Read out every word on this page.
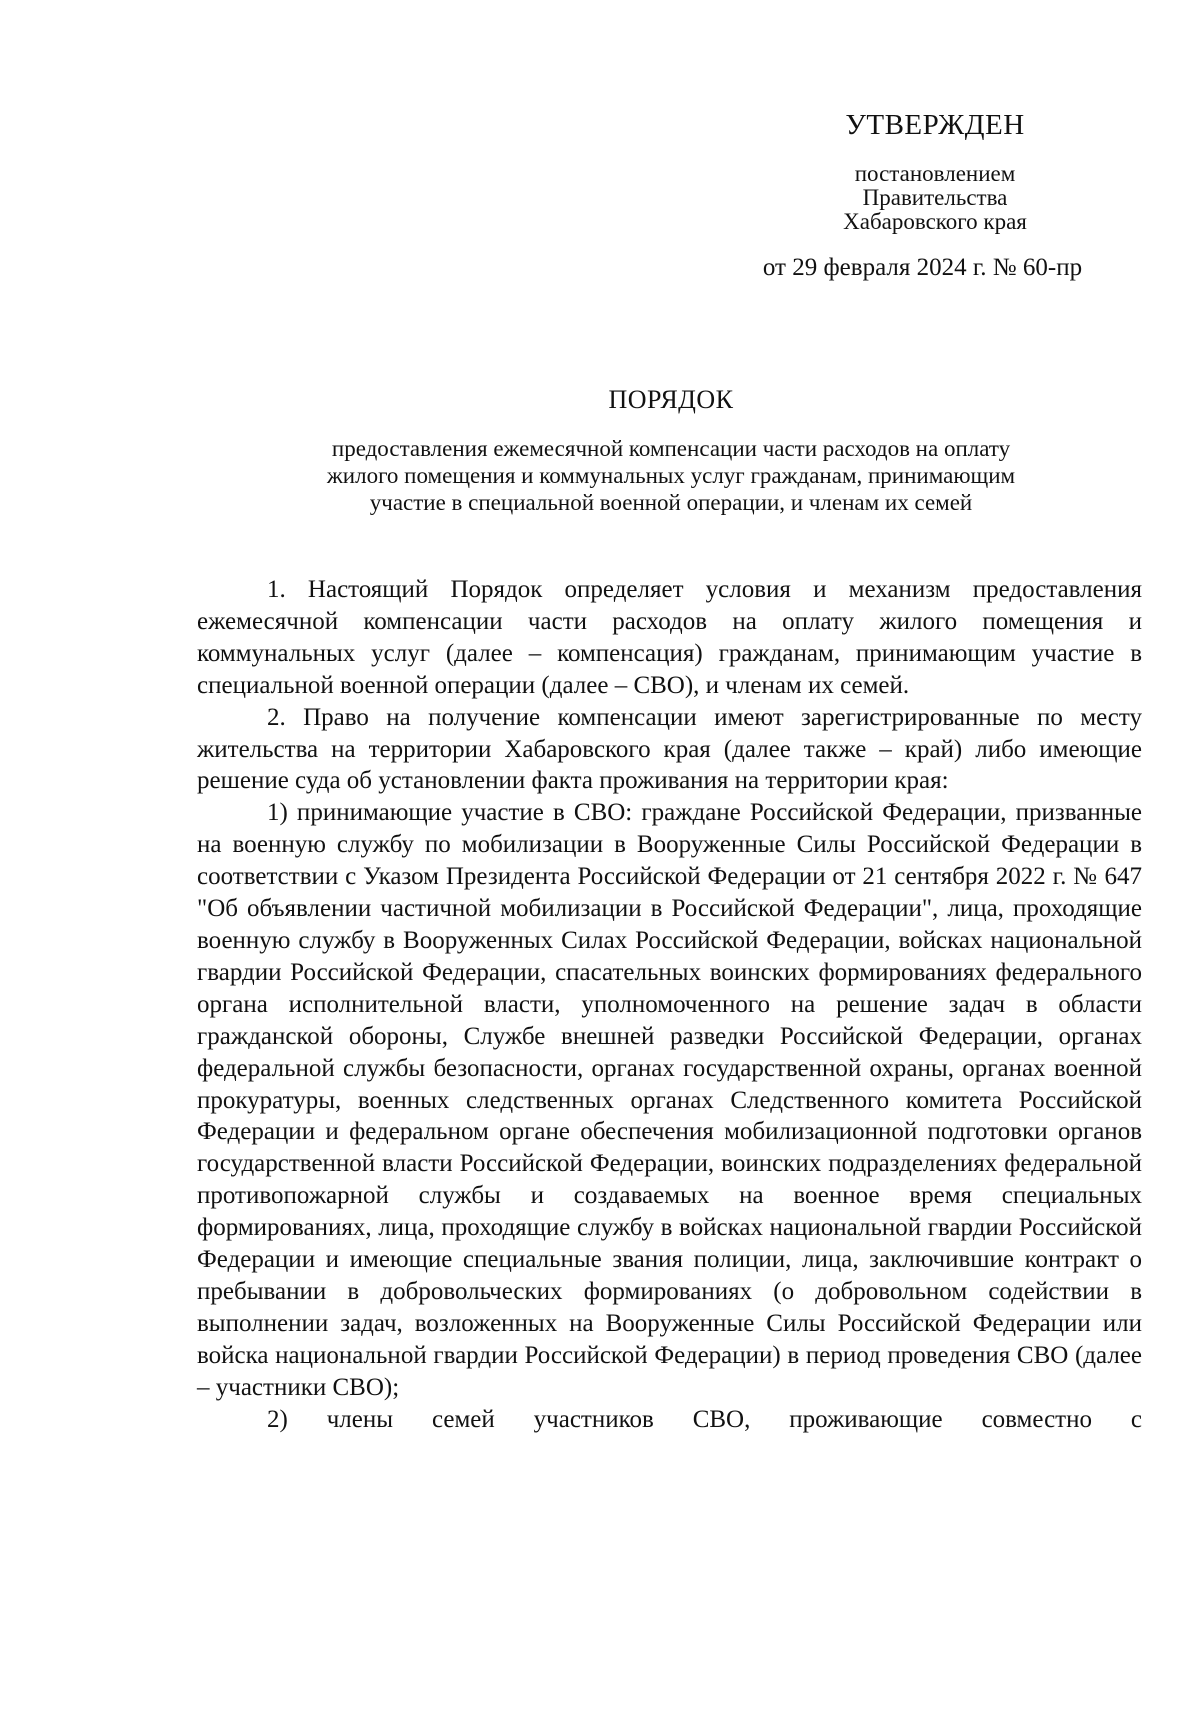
УТВЕРЖДЕН
постановлением
Правительства
Хабаровского края
от 29 февраля 2024 г. № 60-пр
ПОРЯДОК
предоставления ежемесячной компенсации части расходов на оплату
жилого помещения и коммунальных услуг гражданам, принимающим
участие в специальной военной операции, и членам их семей

1. Настоящий Порядок определяет условия и механизм предоставления ежемесячной компенсации части расходов на оплату жилого помещения и коммунальных услуг (далее – компенсация) гражданам, принимающим участие в специальной военной операции (далее – СВО), и членам их семей.

2. Право на получение компенсации имеют зарегистрированные по месту жительства на территории Хабаровского края (далее также – край) либо имеющие решение суда об установлении факта проживания на территории края:

1) принимающие участие в СВО: граждане Российской Федерации, призванные на военную службу по мобилизации в Вооруженные Силы Российской Федерации в соответствии с Указом Президента Российской Федерации от 21 сентября 2022 г. № 647 "Об объявлении частичной мобилизации в Российской Федерации", лица, проходящие военную службу в Вооруженных Силах Российской Федерации, войсках национальной гвардии Российской Федерации, спасательных воинских формированиях федерального органа исполнительной власти, уполномоченного на решение задач в области гражданской обороны, Службе внешней разведки Российской Федерации, органах федеральной службы безопасности, органах государственной охраны, органах военной прокуратуры, военных следственных органах Следственного комитета Российской Федерации и федеральном органе обеспечения мобилизационной подготовки органов государственной власти Российской Федерации, воинских подразделениях федеральной противопожарной службы и создаваемых на военное время специальных формированиях, лица, проходящие службу в войсках национальной гвардии Российской Федерации и имеющие специальные звания полиции, лица, заключившие контракт о пребывании в добровольческих формированиях (о добровольном содействии в выполнении задач, возложенных на Вооруженные Силы Российской Федерации или войска национальной гвардии Российской Федерации) в период проведения СВО (далее – участники СВО);

2) члены семей участников СВО, проживающие совместно с
